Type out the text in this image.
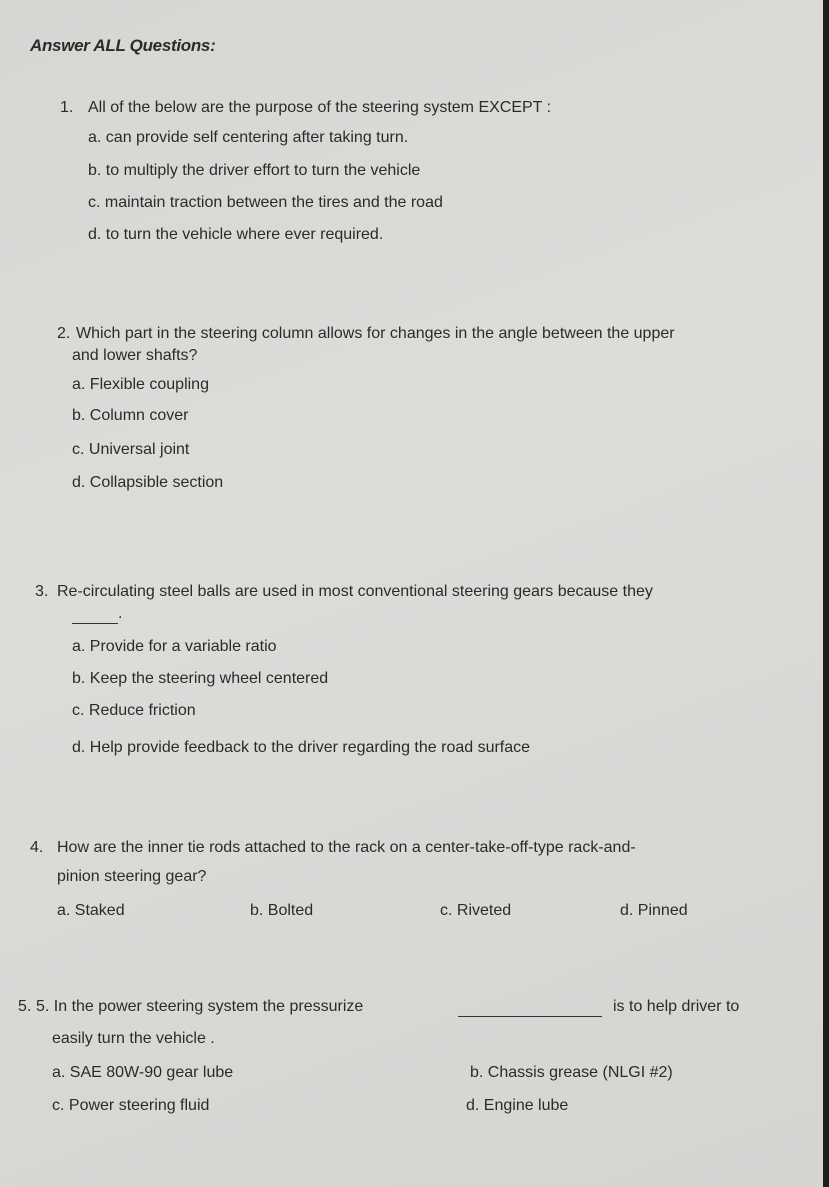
Answer ALL Questions:
1. All of the below are the purpose of the steering system EXCEPT :
a. can provide self centering after taking turn.
b. to multiply the driver effort to turn the vehicle
c. maintain traction between the tires and the road
d. to turn the vehicle where ever required.
2. Which part in the steering column allows for changes in the angle between the upper
and lower shafts?
a. Flexible coupling
b. Column cover
c. Universal joint
d. Collapsible section
3. Re-circulating steel balls are used in most conventional steering gears because they
.
a. Provide for a variable ratio
b. Keep the steering wheel centered
c. Reduce friction
d. Help provide feedback to the driver regarding the road surface
4. How are the inner tie rods attached to the rack on a center-take-off-type rack-and-
pinion steering gear?
a. Staked	b. Bolted	c. Riveted	d. Pinned
5. 5. In the power steering system the pressurize	is to help driver to
easily turn the vehicle .
a. SAE 80W-90 gear lube	b. Chassis grease (NLGI #2)
c. Power steering fluid	d. Engine lube
